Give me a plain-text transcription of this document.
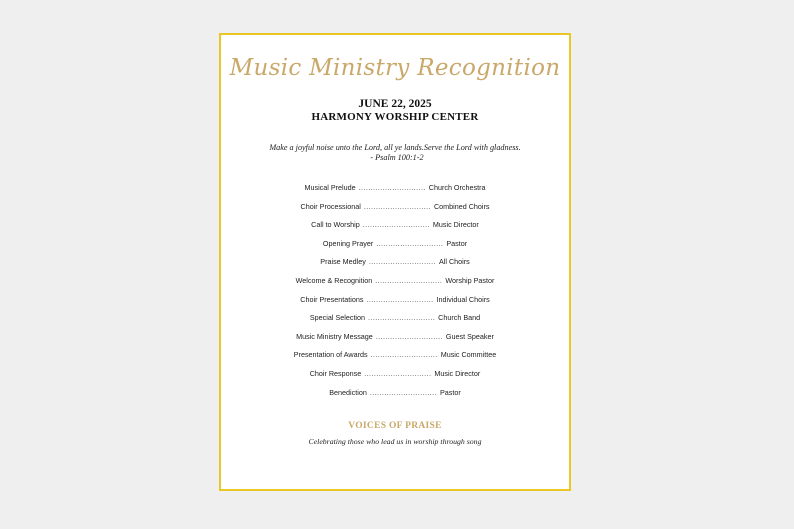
Music Ministry Recognition
JUNE 22, 2025
HARMONY WORSHIP CENTER
Make a joyful noise unto the Lord, all ye lands.Serve the Lord with gladness.
- Psalm 100:1-2
Musical Prelude ............................ Church Orchestra
Choir Processional ............................ Combined Choirs
Call to Worship ............................ Music Director
Opening Prayer ............................ Pastor
Praise Medley ............................ All Choirs
Welcome & Recognition ............................ Worship Pastor
Choir Presentations ............................ Individual Choirs
Special Selection ............................ Church Band
Music Ministry Message ............................ Guest Speaker
Presentation of Awards ............................ Music Committee
Choir Response ............................ Music Director
Benediction ............................ Pastor
VOICES OF PRAISE
Celebrating those who lead us in worship through song
